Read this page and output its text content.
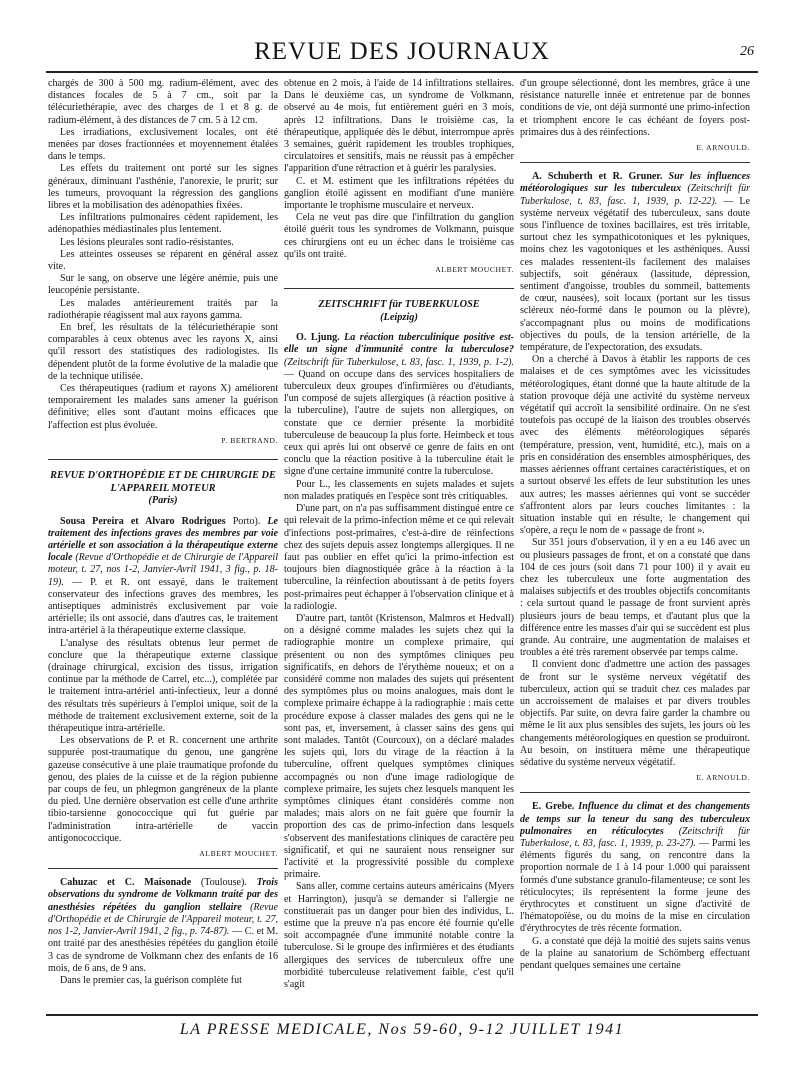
REVUE DES JOURNAUX	26

chargés de 300 à 500 mg. radium-élément, avec des distances focales de 5 à 7 cm., soit par la télécuriethérapie, avec des charges de 1 et 8 g. de radium-élément, à des distances de 7 cm. 5 à 12 cm.

Les irradiations, exclusivement locales, ont été menées par doses fractionnées et moyennement étalées dans le temps.

Les effets du traitement ont porté sur les signes généraux, diminuant l'asthénie, l'anorexie, le prurit; sur les tumeurs, provoquant la régression des ganglions libres et la mobilisation des adénopathies fixées.

Les infiltrations pulmonaires cèdent rapidement, les adénopathies médiastinales plus lentement.

Les lésions pleurales sont radio-résistantes.

Les atteintes osseuses se réparent en général assez vite.

Sur le sang, on observe une légère anémie, puis une leucopénie persistante.

Les malades antérieurement traités par la radiothérapie réagissent mal aux rayons gamma.

En bref, les résultats de la télécuriethérapie sont comparables à ceux obtenus avec les rayons X, ainsi qu'il ressort des statistiques des radiologistes. Ils dépendent plutôt de la forme évolutive de la maladie que de la technique utilisée.

Ces thérapeutiques (radium et rayons X) améliorent temporairement les malades sans amener la guérison définitive; elles sont d'autant moins efficaces que l'affection est plus évoluée.

P. BERTRAND.
REVUE D'ORTHOPÉDIE ET DE CHIRURGIE DE L'APPAREIL MOTEUR
(Paris)

Sousa Pereira et Alvaro Rodrigues Porto). Le traitement des infections graves des membres par voie artérielle et son association à la thérapeutique externe locale (Revue d'Orthopédie et de Chirurgie de l'Appareil moteur, t. 27, nos 1-2, Janvier-Avril 1941, 3 fig., p. 18-19). — P. et R. ont essayé, dans le traitement conservateur des infections graves des membres, les antiseptiques administrés exclusivement par voie artérielle; ils ont associé, dans d'autres cas, le traitement intra-artériel à la thérapeutique externe classique.

L'analyse des résultats obtenus leur permet de conclure que la thérapeutique externe classique (drainage chirurgical, excision des tissus, irrigation continue par la méthode de Carrel, etc...), complétée par le traitement intra-artériel anti-infectieux, leur a donné des résultats très supérieurs à l'emploi unique, soit de la méthode de traitement exclusivement externe, soit de la thérapeutique intra-artérielle.

Les observations de P. et R. concernent une arthrite suppurée post-traumatique du genou, une gangrène gazeuse consécutive à une plaie traumatique profonde du genou, des plaies de la cuisse et de la région pubienne par coups de feu, un phlegmon gangréneux de la plante du pied. Une dernière observation est celle d'une arthrite tibio-tarsienne gonococcique qui fut guérie par l'administration intra-artérielle de vaccin antigonococcique.

ALBERT MOUCHET.

Cahuzac et C. Maisonade (Toulouse). Trois observations du syndrome de Volkmann traité par des anesthésies répétées du ganglion stellaire (Revue d'Orthopédie et de Chirurgie de l'Appareil moteur, t. 27, nos 1-2, Janvier-Avril 1941, 2 fig., p. 74-87). — C. et M. ont traité par des anesthésies répétées du ganglion étoilé 3 cas de syndrome de Volkmann chez des enfants de 16 mois, de 6 ans, de 9 ans.

Dans le premier cas, la guérison complète fut

obtenue en 2 mois, à l'aide de 14 infiltrations stellaires. Dans le deuxième cas, un syndrome de Volkmann, observé au 4e mois, fut entièrement guéri en 3 mois, après 12 infiltrations. Dans le troisième cas, la thérapeutique, appliquée dès le début, interrompue après 3 semaines, guérit rapidement les troubles trophiques, circulatoires et sensitifs, mais ne réussit pas à empêcher l'apparition d'une rétraction et à guérir les paralysies.

C. et M. estiment que les infiltrations répétées du ganglion étoilé agissent en modifiant d'une manière importante le trophisme musculaire et nerveux.

Cela ne veut pas dire que l'infiltration du ganglion étoilé guérit tous les syndromes de Volkmann, puisque ces chirurgiens ont eu un échec dans le troisième cas qu'ils ont traité.

ALBERT MOUCHET.
ZEITSCHRIFT für TUBERKULOSE
(Leipzig)

O. Ljung. La réaction tuberculinique positive est-elle un signe d'immunité contre la tuberculose? (Zeitschrift für Tuberkulose, t. 83, fasc. 1, 1939, p. 1-2). — Quand on occupe dans des services hospitaliers de tuberculeux deux groupes d'infirmières ou d'étudiants, l'un composé de sujets allergiques (à réaction positive à la tuberculine), l'autre de sujets non allergiques, on constate que ce dernier présente la morbidité tuberculeuse de beaucoup la plus forte. Heimbeck et tous ceux qui après lui ont observé ce genre de faits en ont conclu que la réaction positive à la tuberculine était le signe d'une certaine immunité contre la tuberculose.

Pour L., les classements en sujets malades et sujets non malades pratiqués en l'espèce sont très critiquables.

D'une part, on n'a pas suffisamment distingué entre ce qui relevait de la primo-infection même et ce qui relevait d'infections post-primaires, c'est-à-dire de réinfections chez des sujets depuis assez longtemps allergiques. Il ne faut pas oublier en effet qu'ici la primo-infection est toujours bien diagnostiquée grâce à la réaction à la tuberculine, la réinfection aboutissant à de petits foyers post-primaires peut échapper à l'observation clinique et à la radiologie.

D'autre part, tantôt (Kristenson, Malmros et Hedvall) on a désigné comme malades les sujets chez qui la radiographie montre un complexe primaire, qui présentent ou non des symptômes cliniques peu significatifs, en dehors de l'érythème noueux; et on a considéré comme non malades des sujets qui présentent des symptômes plus ou moins analogues, mais dont le complexe primaire échappe à la radiographie : mais cette procédure expose à classer malades des gens qui ne le sont pas, et, inversement, à classer sains des gens qui sont malades. Tantôt (Courcoux), on a déclaré malades les sujets qui, lors du virage de la réaction à la tuberculine, offrent quelques symptômes cliniques accompagnés ou non d'une image radiologique de complexe primaire, les sujets chez lesquels manquent les symptômes cliniques étant considérés comme non malades; mais alors on ne fait guère que fournir la proportion des cas de primo-infection dans lesquels s'observent des manifestations cliniques de caractère peu significatif, et qui ne sauraient nous renseigner sur l'activité et la progressivité possible du complexe primaire.

Sans aller, comme certains auteurs américains (Myers et Harrington), jusqu'à se demander si l'allergie ne constituerait pas un danger pour bien des individus, L. estime que la preuve n'a pas encore été fournie qu'elle soit accompagnée d'une immunité notable contre la tuberculose. Si le groupe des infirmières et des étudiants allergiques des services de tuberculeux offre une morbidité tuberculeuse relativement faible, c'est qu'il s'agit

d'un groupe sélectionné, dont les membres, grâce à une résistance naturelle innée et entretenue par de bonnes conditions de vie, ont déjà surmonté une primo-infection et triomphent encore le cas échéant de foyers post-primaires dus à des réinfections.

E. ARNOULD.

A. Schuberth et R. Gruner. Sur les influences météorologiques sur les tuberculeux (Zeitschrift für Tuberkulose, t. 83, fasc. 1, 1939, p. 12-22). — Le système nerveux végétatif des tuberculeux, sans doute sous l'influence de toxines bacillaires, est très irritable, surtout chez les sympathicotoniques et les pykniques, moins chez les vagotoniques et les asthéniques. Aussi ces malades ressentent-ils facilement des malaises subjectifs, soit généraux (lassitude, dépression, sentiment d'angoisse, troubles du sommeil, battements de cœur, nausées), soit locaux (portant sur les tissus scléreux néo-formé dans le poumon ou la plèvre), s'accompagnant plus ou moins de modifications objectives du pouls, de la tension artérielle, de la température, de l'expectoration, des exsudats.

On a cherché à Davos à établir les rapports de ces malaises et de ces symptômes avec les vicissitudes météorologiques, étant donné que la haute altitude de la station provoque déjà une activité du système nerveux végétatif qui accroît la sensibilité ordinaire. On ne s'est toutefois pas occupé de la liaison des troubles observés avec des éléments météorologiques séparés (température, pression, vent, humidité, etc.), mais on a pris en considération des ensembles atmosphériques, des masses aériennes offrant certaines caractéristiques, et on a surtout observé les effets de leur substitution les unes aux autres; les masses aériennes qui vont se succéder s'affrontent alors par leurs couches limitantes : la situation instable qui en résulte, le changement qui s'opère, a reçu le nom de « passage de front ».

Sur 351 jours d'observation, il y en a eu 146 avec un ou plusieurs passages de front, et on a constaté que dans 104 de ces jours (soit dans 71 pour 100) il y avait eu chez les tuberculeux une forte augmentation des malaises subjectifs et des troubles objectifs concomitants : cela surtout quand le passage de front survient après plusieurs jours de beau temps, et d'autant plus que la différence entre les masses d'air qui se succèdent est plus grande. Au contraire, une augmentation de malaises et troubles a été très rarement observée par temps calme.

Il convient donc d'admettre une action des passages de front sur le système nerveux végétatif des tuberculeux, action qui se traduit chez ces malades par un accroissement de malaises et par divers troubles objectifs. Par suite, on devra faire garder la chambre ou même le lit aux plus sensibles des sujets, les jours où les changements météorologiques en question se produiront. Au besoin, on instituera même une thérapeutique sédative du système nerveux végétatif.

E. ARNOULD.

E. Grebe. Influence du climat et des changements de temps sur la teneur du sang des tuberculeux pulmonaires en réticulocytes (Zeitschrift für Tuberkulose, t. 83, fasc. 1, 1939, p. 23-27). — Parmi les éléments figurés du sang, on rencontre dans la proportion normale de 1 à 14 pour 1.000 qui paraissent formés d'une substance granulo-filamenteuse; ce sont les réticulocytes; ils représentent la forme jeune des érythrocytes et constituent un signe d'activité de l'hématopoïèse, ou du moins de la mise en circulation d'érythrocytes de très récente formation.

G. a constaté que déjà la moitié des sujets sains venus de la plaine au sanatorium de Schömberg effectuant pendant quelques semaines une certaine

LA PRESSE MEDICALE, Nos 59-60, 9-12 JUILLET 1941
